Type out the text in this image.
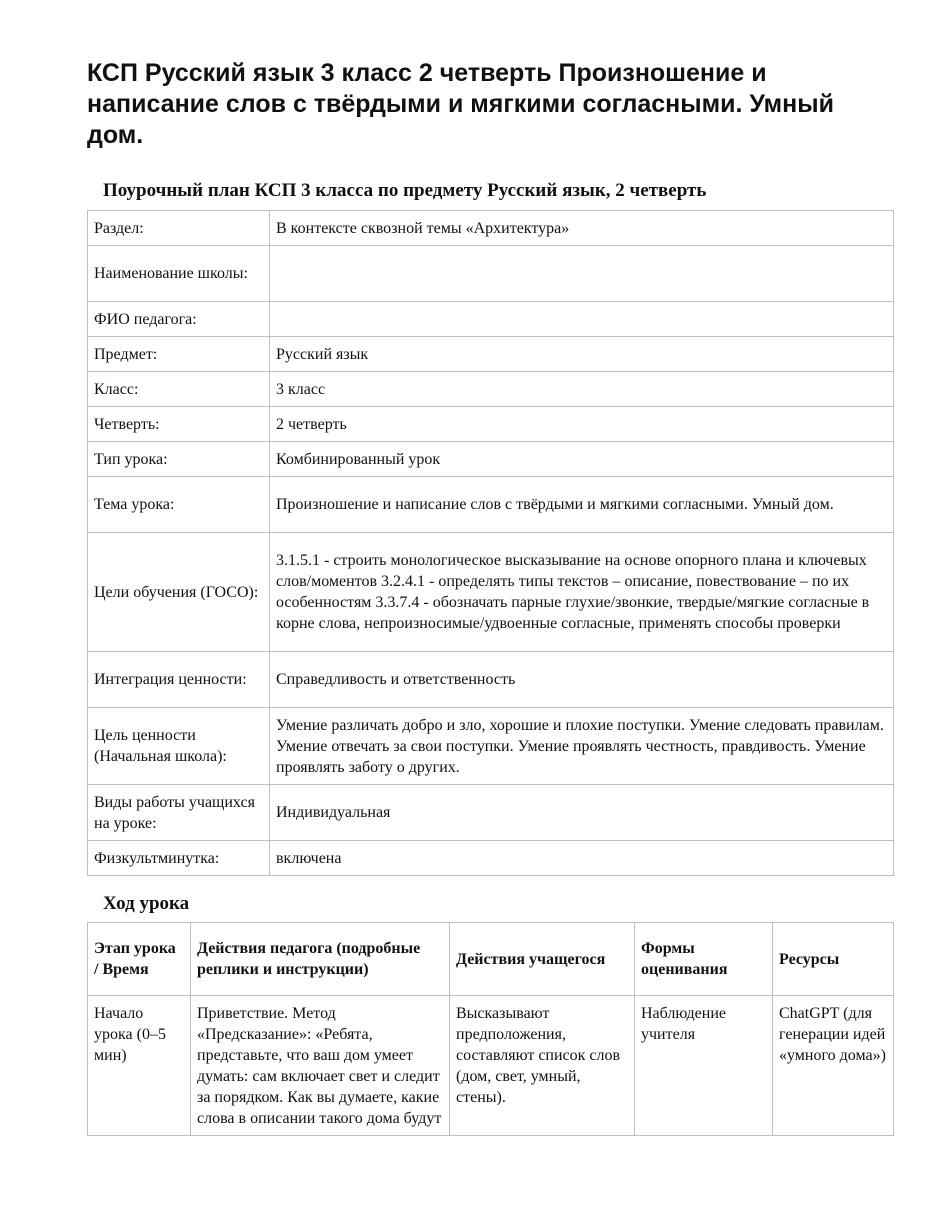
КСП Русский язык 3 класс 2 четверть Произношение и написание слов с твёрдыми и мягкими согласными. Умный дом.
Поурочный план КСП 3 класса по предмету Русский язык, 2 четверть
Раздел:	В контексте сквозной темы «Архитектура»
Наименование школы:	
ФИО педагога:	
Предмет:	Русский язык
Класс:	3 класс
Четверть:	2 четверть
Тип урока:	Комбинированный урок
Тема урока:	Произношение и написание слов с твёрдыми и мягкими согласными. Умный дом.
Цели обучения (ГОСО):	3.1.5.1 - строить монологическое высказывание на основе опорного плана и ключевых слов/моментов 3.2.4.1 - определять типы текстов – описание, повествование – по их особенностям 3.3.7.4 - обозначать парные глухие/звонкие, твердые/мягкие согласные в корне слова, непроизносимые/удвоенные согласные, применять способы проверки
Интеграция ценности:	Справедливость и ответственность
Цель ценности (Начальная школа):	Умение различать добро и зло, хорошие и плохие поступки. Умение следовать правилам. Умение отвечать за свои поступки. Умение проявлять честность, правдивость. Умение проявлять заботу о других.
Виды работы учащихся на уроке:	Индивидуальная
Физкультминутка:	включена
Ход урока
Этап урока / Время	Действия педагога (подробные реплики и инструкции)	Действия учащегося	Формы оценивания	Ресурсы
Начало урока (0–5 мин)	Приветствие. Метод «Предсказание»: «Ребята, представьте, что ваш дом умеет думать: сам включает свет и следит за порядком. Как вы думаете, какие слова в описании такого дома будут	Высказывают предположения, составляют список слов (дом, свет, умный, стены).	Наблюдение учителя	ChatGPT (для генерации идей «умного дома»)
